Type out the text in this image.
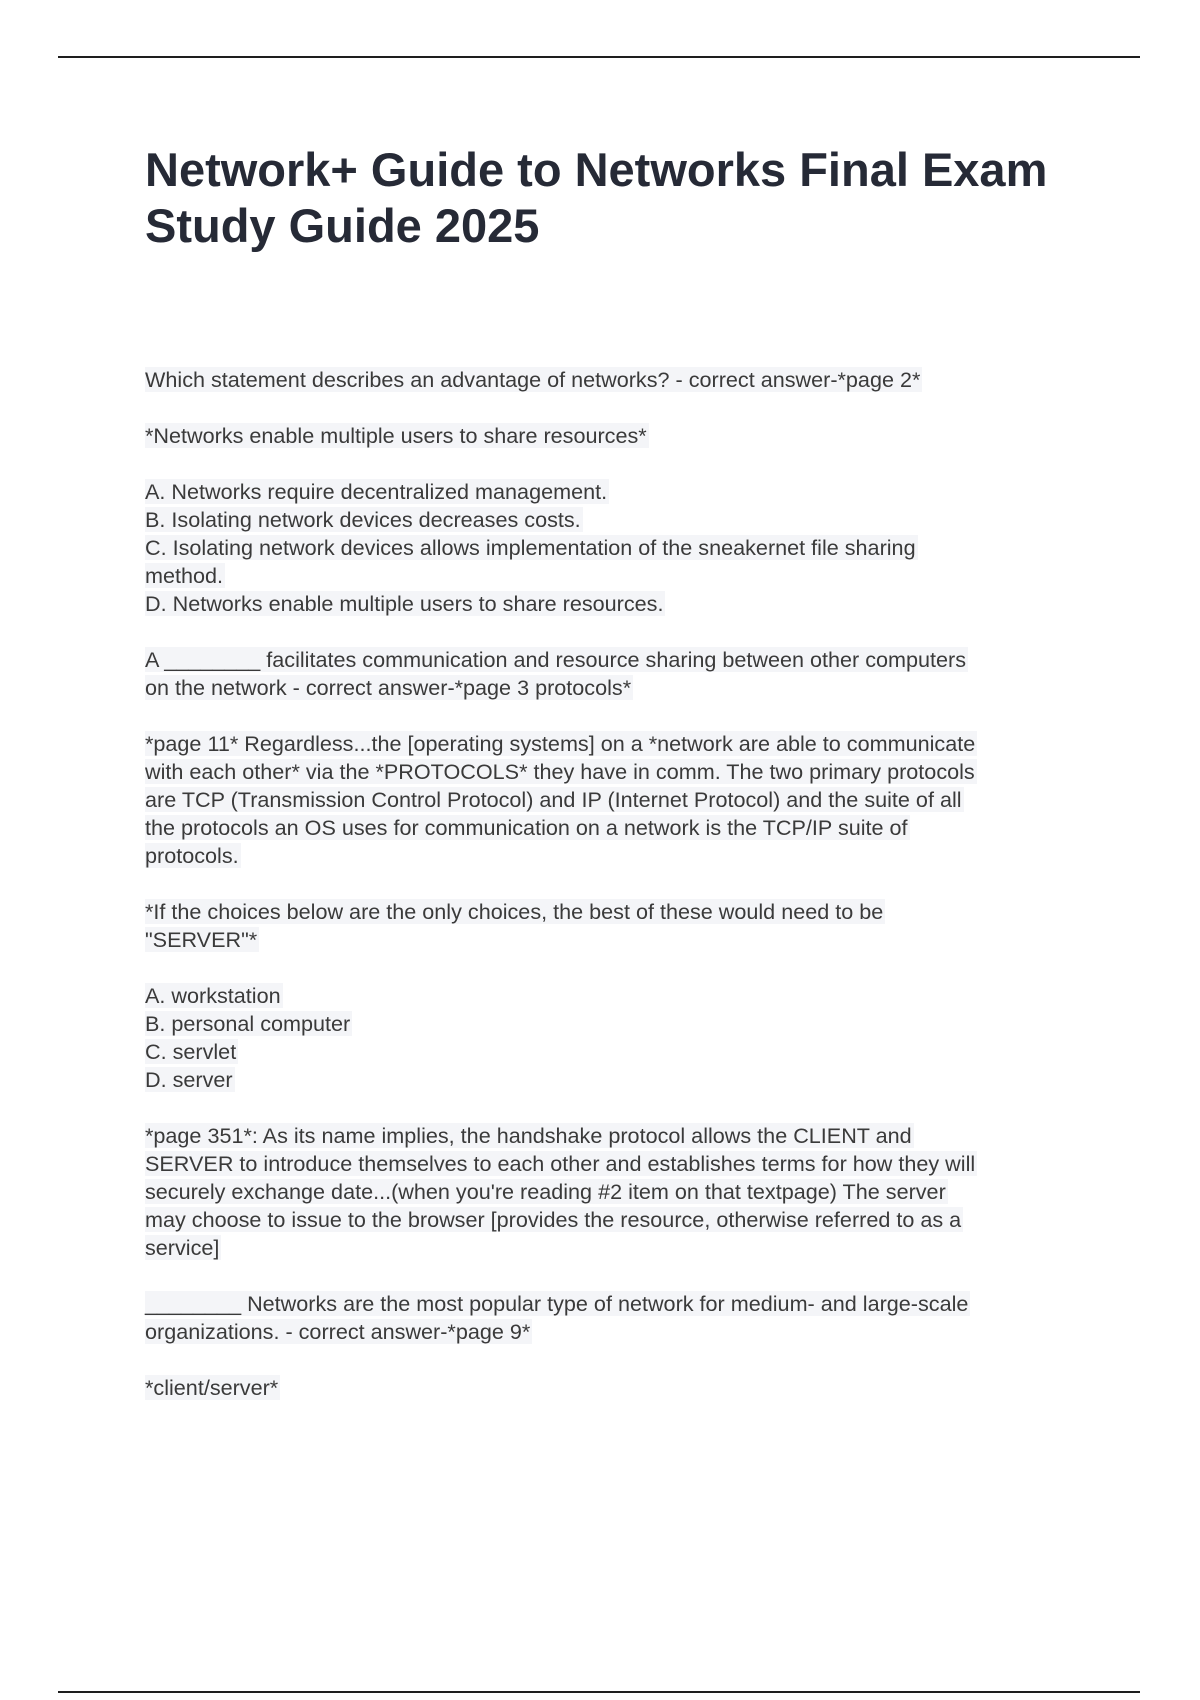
Network+ Guide to Networks Final Exam
Study Guide 2025
Which statement describes an advantage of networks? - correct answer-*page 2*
*Networks enable multiple users to share resources*
A. Networks require decentralized management.
B. Isolating network devices decreases costs.
C. Isolating network devices allows implementation of the sneakernet file sharing
method.
D. Networks enable multiple users to share resources.
A ________ facilitates communication and resource sharing between other computers
on the network - correct answer-*page 3 protocols*
*page 11* Regardless...the [operating systems] on a *network are able to communicate
with each other* via the *PROTOCOLS* they have in comm. The two primary protocols
are TCP (Transmission Control Protocol) and IP (Internet Protocol) and the suite of all
the protocols an OS uses for communication on a network is the TCP/IP suite of
protocols.
*If the choices below are the only choices, the best of these would need to be
"SERVER"*
A. workstation
B. personal computer
C. servlet
D. server
*page 351*: As its name implies, the handshake protocol allows the CLIENT and
SERVER to introduce themselves to each other and establishes terms for how they will
securely exchange date...(when you're reading #2 item on that textpage) The server
may choose to issue to the browser [provides the resource, otherwise referred to as a
service]
________ Networks are the most popular type of network for medium- and large-scale
organizations. - correct answer-*page 9*
*client/server*
